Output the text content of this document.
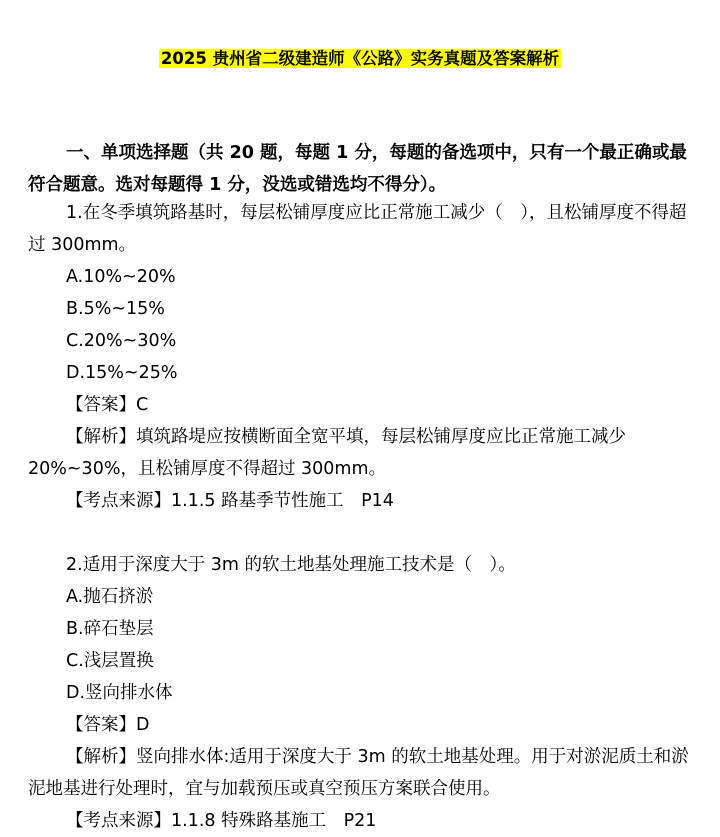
2025 贵州省二级建造师《公路》实务真题及答案解析
一、单项选择题（共 20 题，每题 1 分，每题的备选项中，只有一个最正确或最符合题意。选对每题得 1 分，没选或错选均不得分）。

1.在冬季填筑路基时，每层松铺厚度应比正常施工减少（　），且松铺厚度不得超过 300mm。

A.10%~20%

B.5%~15%

C.20%~30%

D.15%~25%

【答案】C

【解析】填筑路堤应按横断面全宽平填，每层松铺厚度应比正常施工减少 20%~30%，且松铺厚度不得超过 300mm。

【考点来源】1.1.5 路基季节性施工　P14

2.适用于深度大于 3m 的软土地基处理施工技术是（　）。

A.抛石挤淤

B.碎石垫层

C.浅层置换

D.竖向排水体

【答案】D

【解析】竖向排水体:适用于深度大于 3m 的软土地基处理。用于对淤泥质土和淤泥地基进行处理时，宜与加载预压或真空预压方案联合使用。

【考点来源】1.1.8 特殊路基施工　P21
